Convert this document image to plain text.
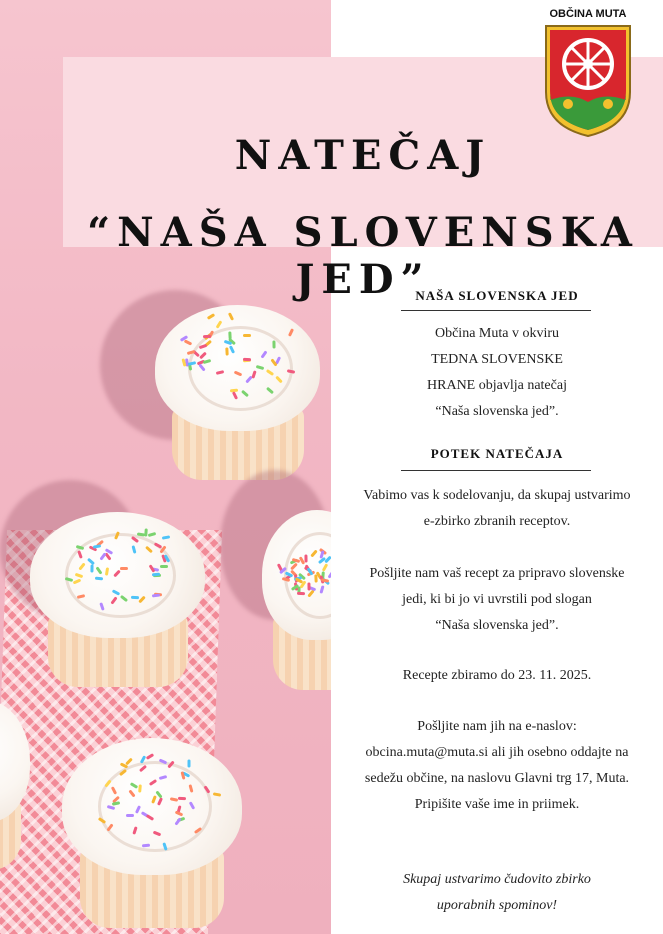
NATEČAJ
“NAŠA SLOVENSKA JED”
OBČINA MUTA
NAŠA SLOVENSKA JED
Občina Muta v okviru
TEDNA SLOVENSKE
HRANE objavlja natečaj
“Naša slovenska jed”.
POTEK NATEČAJA
Vabimo vas k sodelovanju, da skupaj ustvarimo
e-zbirko zbranih receptov.
Pošljite nam vaš recept za pripravo slovenske
jedi, ki bi jo vi uvrstili pod slogan
“Naša slovenska jed”.
Recepte zbiramo do 23. 11. 2025.
Pošljite nam jih na e-naslov:
obcina.muta@muta.si ali jih osebno oddajte na
sedežu občine, na naslovu Glavni trg 17, Muta.
Pripišite vaše ime in priimek.
Skupaj ustvarimo čudovito zbirko
uporabnih spominov!
